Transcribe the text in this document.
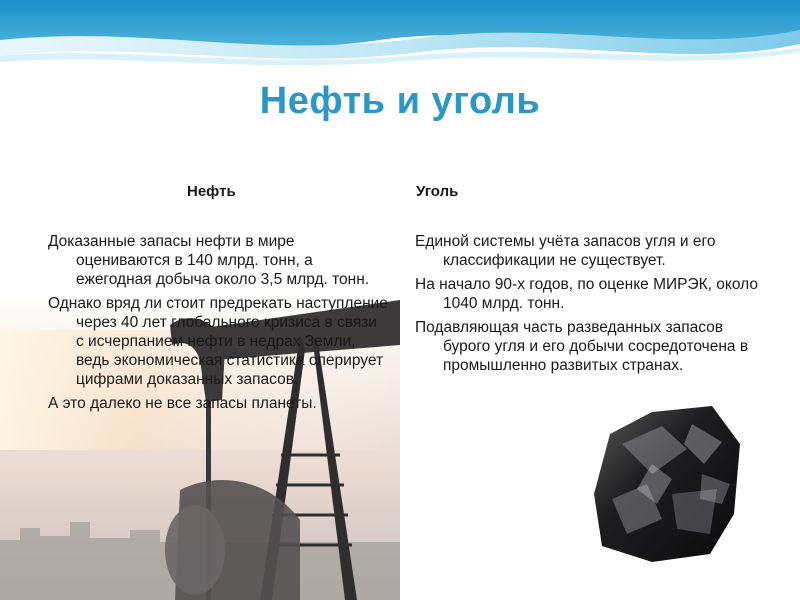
Нефть и уголь
Нефть	Уголь

Доказанные запасы нефти в мире оцениваются в 140 млрд. тонн, а ежегодная добыча около 3,5 млрд. тонн.

Однако вряд ли стоит предрекать наступление через 40 лет глобального кризиса в связи с исчерпанием нефти в недрах Земли, ведь экономическая статистика оперирует цифрами доказанных запасов.

А это далеко не все запасы планеты.

Единой системы учёта запасов угля и его классификации не существует.

На начало 90-х годов, по оценке МИРЭК, около 1040 млрд. тонн.

Подавляющая часть разведанных запасов бурого угля и его добычи сосредоточена в промышленно развитых странах.
